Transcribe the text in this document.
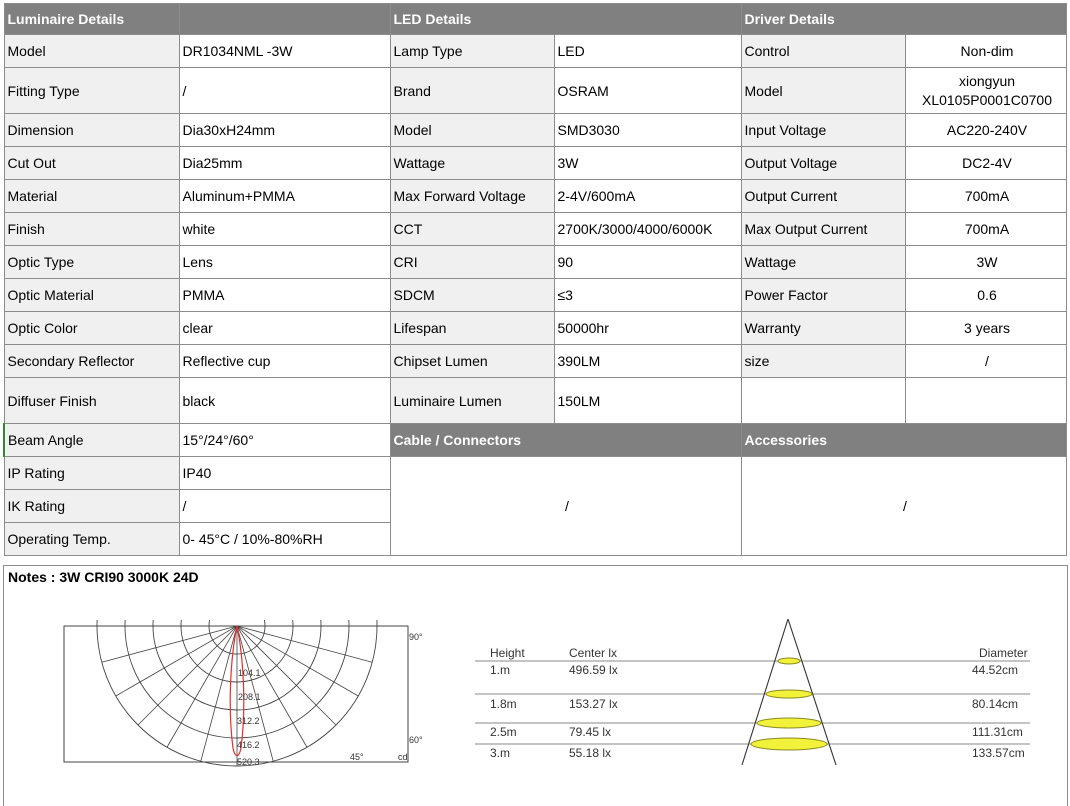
Luminaire Details		LED Details		Driver Details	
Model	DR1034NML -3W	Lamp Type	LED	Control	Non-dim
Fitting Type	/	Brand	OSRAM	Model	xiongyun
XL0105P0001C0700

Dimension	Dia30xH24mm	Model	SMD3030	Input Voltage	AC220-240V
Cut Out	Dia25mm	Wattage	3W	Output Voltage	DC2-4V
Material	Aluminum+PMMA	Max Forward Voltage	2-4V/600mA	Output Current	700mA
Finish	white	CCT	2700K/3000/4000/6000K	Max Output Current	700mA
Optic Type	Lens	CRI	90	Wattage	3W
Optic Material	PMMA	SDCM	≤3	Power Factor	0.6
Optic Color	clear	Lifespan	50000hr	Warranty	3 years
Secondary Reflector	Reflective cup	Chipset Lumen	390LM	size	/
Diffuser Finish	black	Luminaire Lumen	150LM		
Beam Angle	15°/24°/60°	Cable / Connectors		Accessories	
IP Rating	IP40	/		/	
IK Rating	/				
Operating Temp.	0- 45°C / 10%-80%RH				
Notes : 3W CRI90 3000K 24D
104.1
208.1
312.2
416.2
520.3
90°
60°
45°	cd
Height	Center lx	Diameter
1.m	496.59 lx	44.52cm
1.8m	153.27 lx	80.14cm
2.5m	79.45 lx	111.31cm
3.m	55.18 lx	133.57cm
